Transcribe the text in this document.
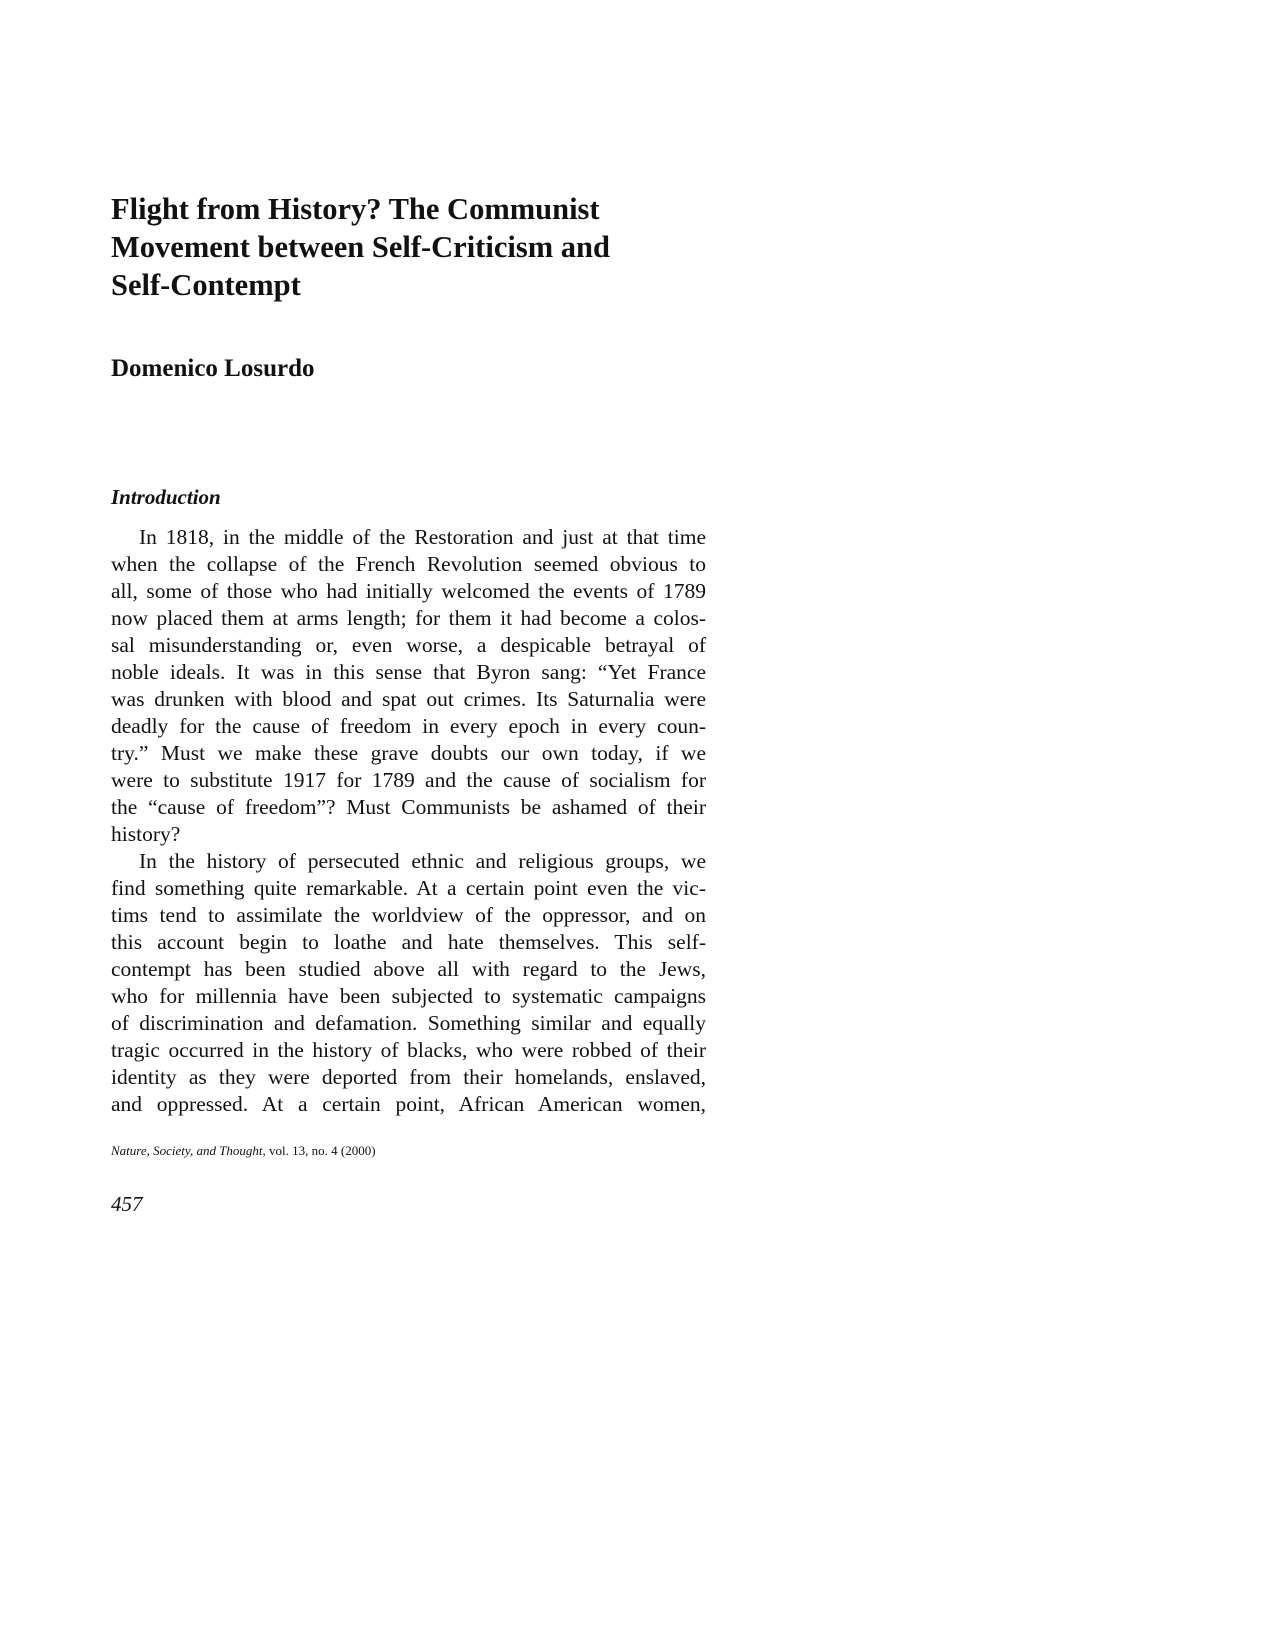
Flight from History? The Communist
Movement between Self-Criticism and
Self-Contempt
Domenico Losurdo
Introduction
In 1818, in the middle of the Restoration and just at that time
when the collapse of the French Revolution seemed obvious to
all, some of those who had initially welcomed the events of 1789
now placed them at arms length; for them it had become a colos-
sal misunderstanding or, even worse, a despicable betrayal of
noble ideals. It was in this sense that Byron sang: “Yet France
was drunken with blood and spat out crimes. Its Saturnalia were
deadly for the cause of freedom in every epoch in every coun-
try.” Must we make these grave doubts our own today, if we
were to substitute 1917 for 1789 and the cause of socialism for
the “cause of freedom”? Must Communists be ashamed of their
history?
In the history of persecuted ethnic and religious groups, we
find something quite remarkable. At a certain point even the vic-
tims tend to assimilate the worldview of the oppressor, and on
this account begin to loathe and hate themselves. This self-
contempt has been studied above all with regard to the Jews,
who for millennia have been subjected to systematic campaigns
of discrimination and defamation. Something similar and equally
tragic occurred in the history of blacks, who were robbed of their
identity as they were deported from their homelands, enslaved,
and oppressed. At a certain point, African American women,

Nature, Society, and Thought, vol. 13, no. 4 (2000)

457
